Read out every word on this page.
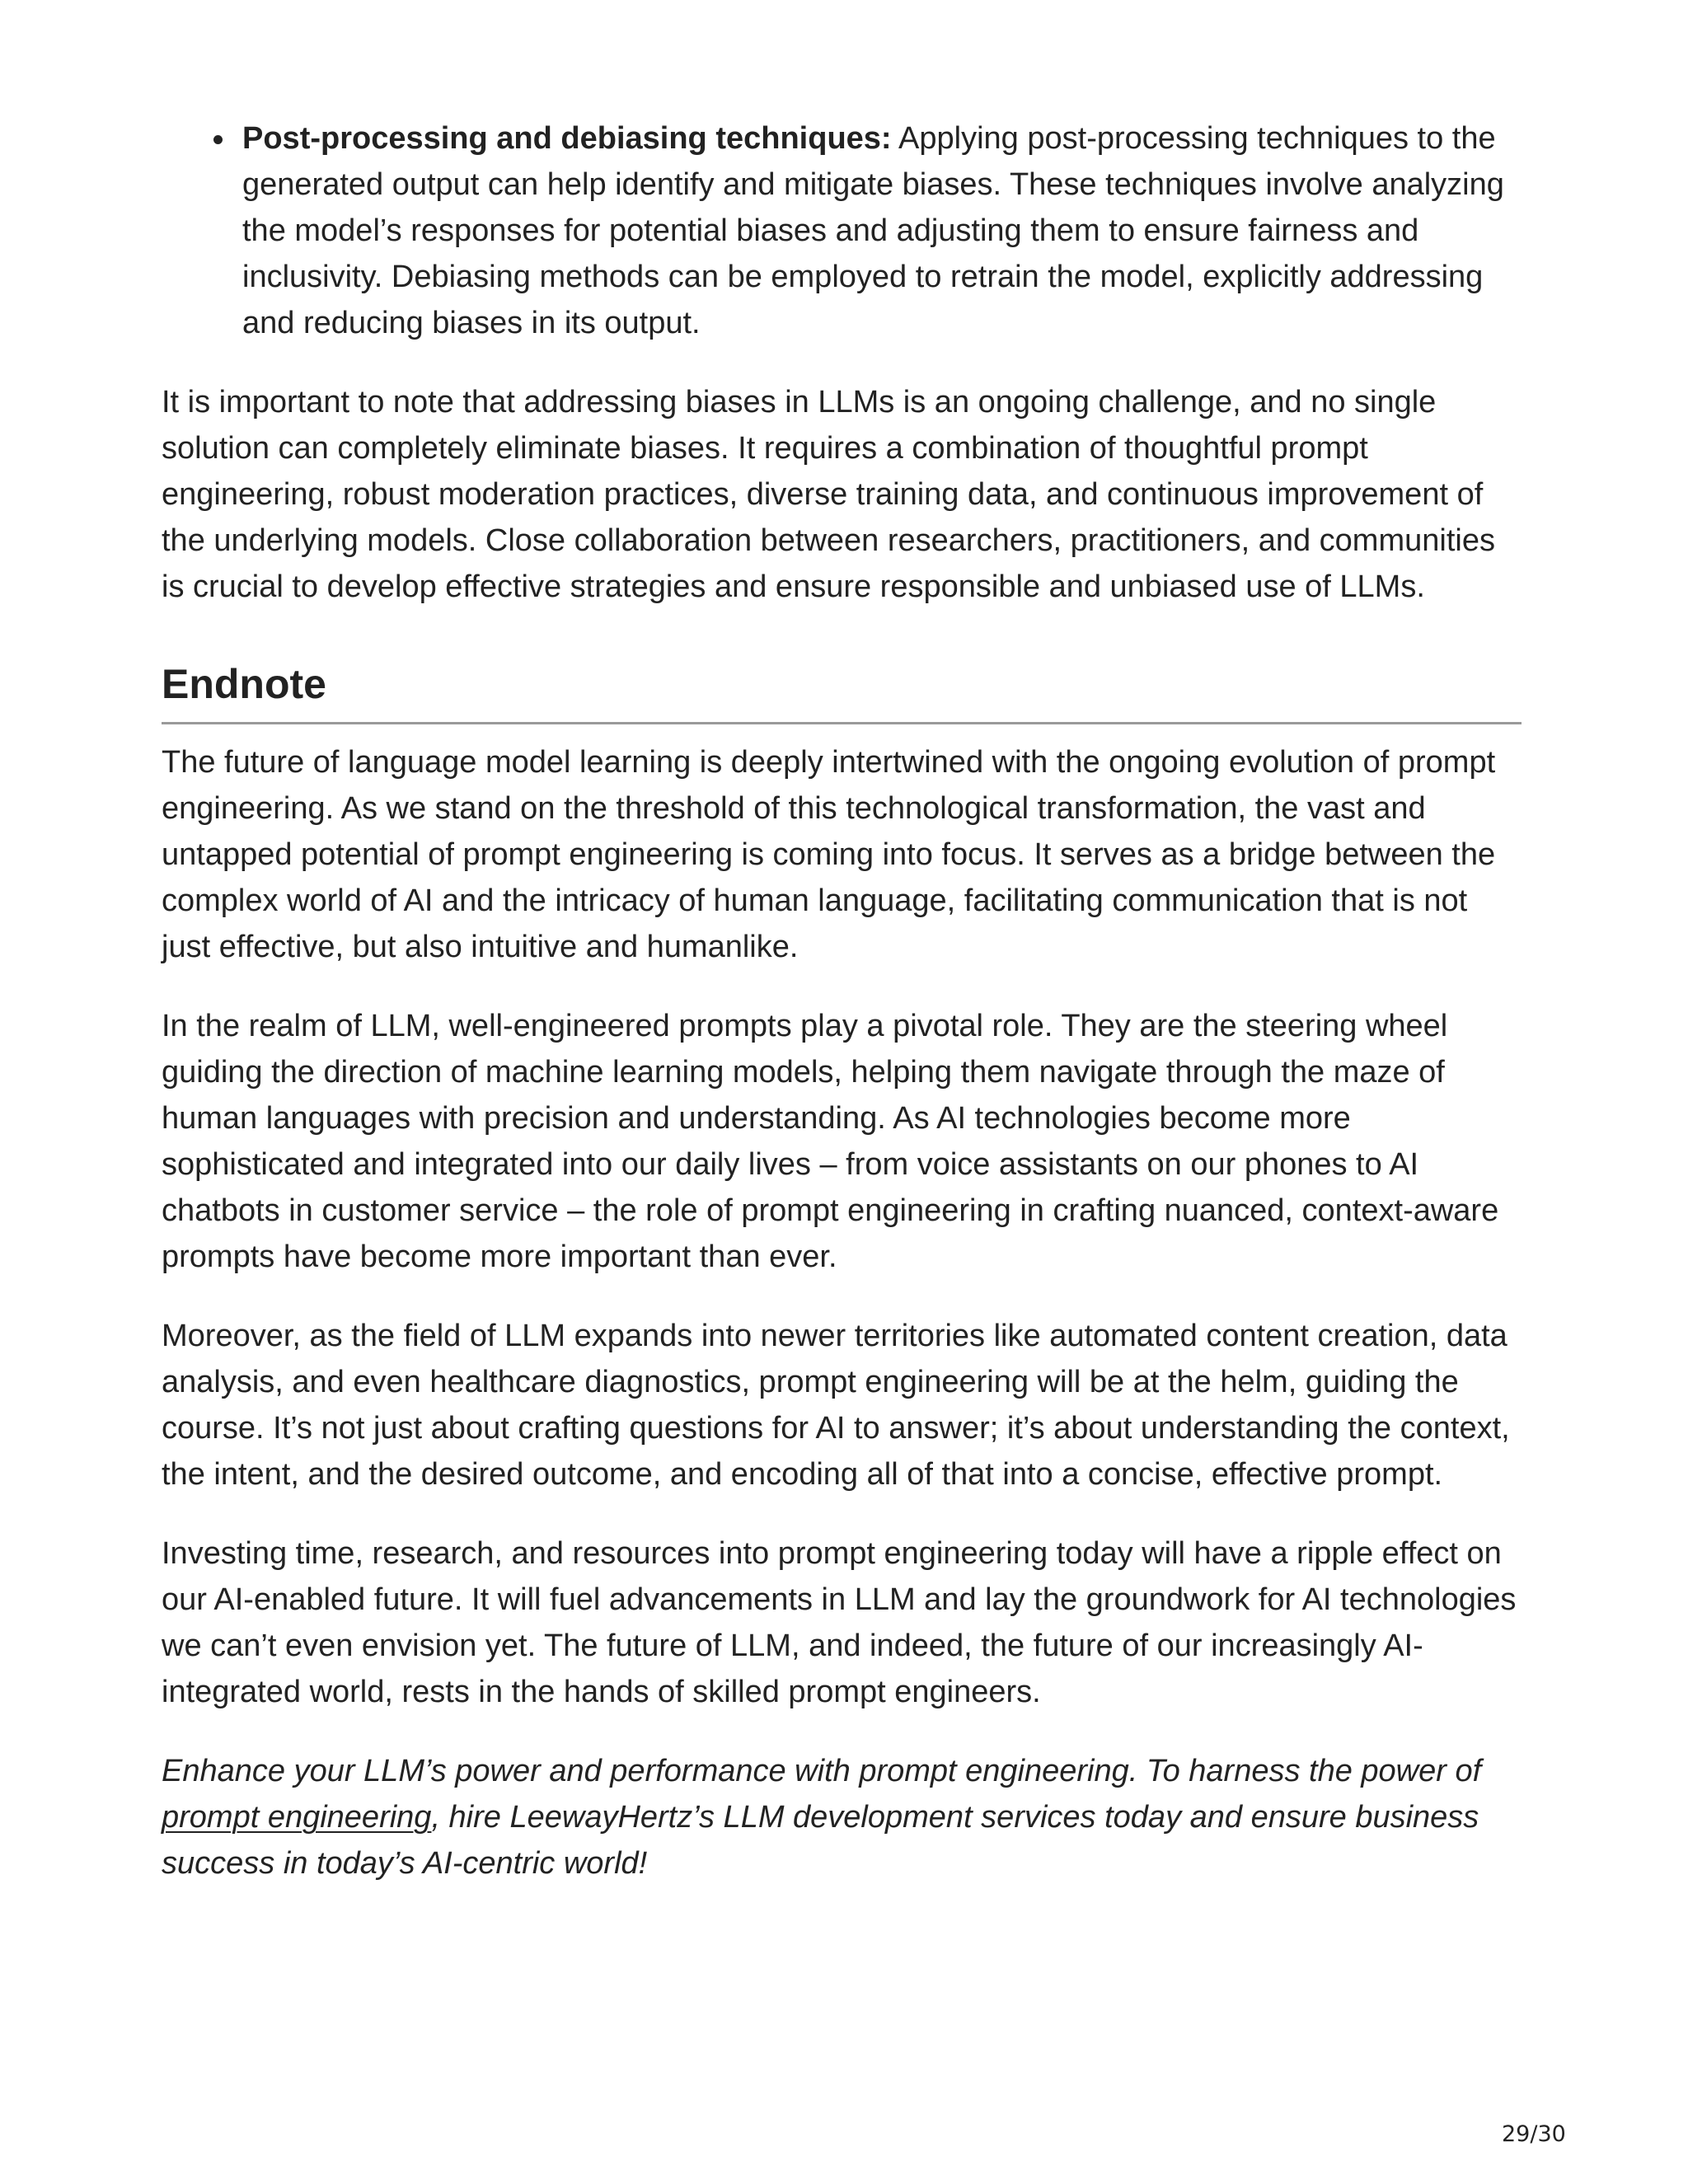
Post-processing and debiasing techniques: Applying post-processing techniques to the generated output can help identify and mitigate biases. These techniques involve analyzing the model’s responses for potential biases and adjusting them to ensure fairness and inclusivity. Debiasing methods can be employed to retrain the model, explicitly addressing and reducing biases in its output.

It is important to note that addressing biases in LLMs is an ongoing challenge, and no single solution can completely eliminate biases. It requires a combination of thoughtful prompt engineering, robust moderation practices, diverse training data, and continuous improvement of the underlying models. Close collaboration between researchers, practitioners, and communities is crucial to develop effective strategies and ensure responsible and unbiased use of LLMs.

Endnote

The future of language model learning is deeply intertwined with the ongoing evolution of prompt engineering. As we stand on the threshold of this technological transformation, the vast and untapped potential of prompt engineering is coming into focus. It serves as a bridge between the complex world of AI and the intricacy of human language, facilitating communication that is not just effective, but also intuitive and humanlike.

In the realm of LLM, well-engineered prompts play a pivotal role. They are the steering wheel guiding the direction of machine learning models, helping them navigate through the maze of human languages with precision and understanding. As AI technologies become more sophisticated and integrated into our daily lives – from voice assistants on our phones to AI chatbots in customer service – the role of prompt engineering in crafting nuanced, context-aware prompts have become more important than ever.

Moreover, as the field of LLM expands into newer territories like automated content creation, data analysis, and even healthcare diagnostics, prompt engineering will be at the helm, guiding the course. It’s not just about crafting questions for AI to answer; it’s about understanding the context, the intent, and the desired outcome, and encoding all of that into a concise, effective prompt.

Investing time, research, and resources into prompt engineering today will have a ripple effect on our AI-enabled future. It will fuel advancements in LLM and lay the groundwork for AI technologies we can’t even envision yet. The future of LLM, and indeed, the future of our increasingly AI-integrated world, rests in the hands of skilled prompt engineers.

Enhance your LLM’s power and performance with prompt engineering. To harness the power of prompt engineering, hire LeewayHertz’s LLM development services today and ensure business success in today’s AI-centric world!

29/30
